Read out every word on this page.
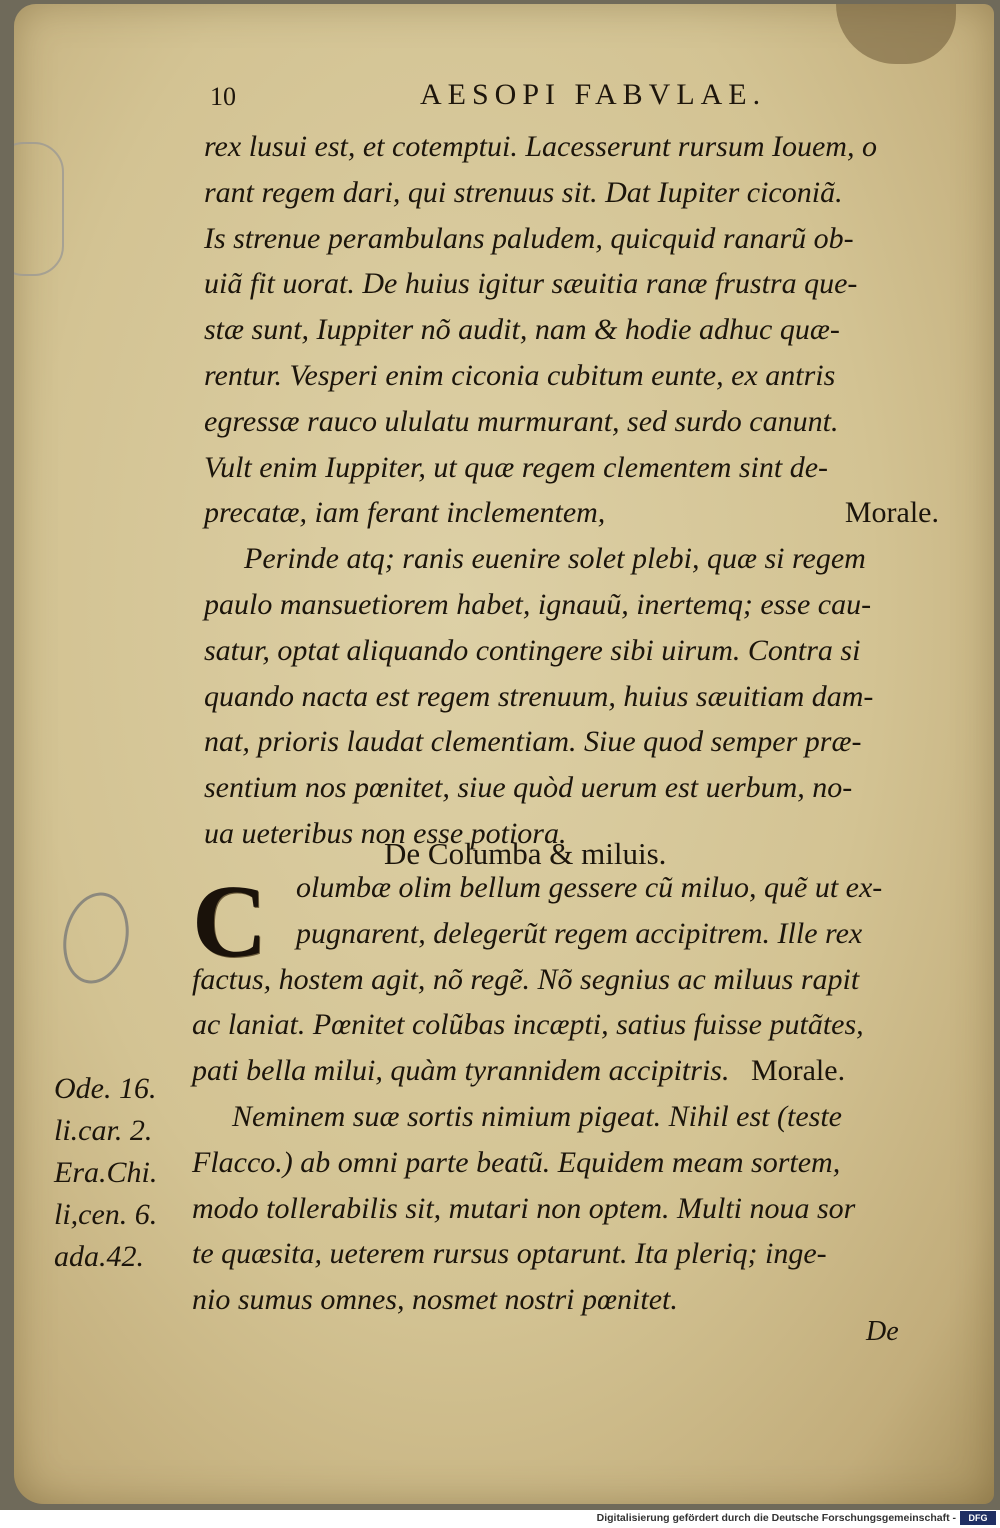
10	AESOPI FABVLAE.
rex lusui est, et cotemptui. Lacesserunt rursum Iouem, o
rant regem dari, qui strenuus sit. Dat Iupiter ciconiã.
Is strenue perambulans paludem, quicquid ranarũ ob-
uiã fit uorat. De huius igitur sæuitia ranæ frustra que-
stæ sunt, Iuppiter nõ audit, nam & hodie adhuc quæ-
rentur. Vesperi enim ciconia cubitum eunte, ex antris
egressæ rauco ululatu murmurant, sed surdo canunt.
Vult enim Iuppiter, ut quæ regem clementem sint de-
precatæ, iam ferant inclementem,	Morale.
Perinde atq; ranis euenire solet plebi, quæ si regem
paulo mansuetiorem habet, ignauũ, inertemq; esse cau-
satur, optat aliquando contingere sibi uirum. Contra si
quando nacta est regem strenuum, huius sæuitiam dam-
nat, prioris laudat clementiam. Siue quod semper præ-
sentium nos pœnitet, siue quòd uerum est uerbum, no-
ua ueteribus non esse potiora.
De Columba & miluis.
C olumbæ olim bellum gessere cũ miluo, quẽ ut ex-
pugnarent, delegerũt regem accipitrem. Ille rex
factus, hostem agit, nõ regẽ. Nõ segnius ac miluus rapit
ac laniat. Pœnitet colũbas incæpti, satius fuisse putãtes,
pati bella milui, quàm tyrannidem accipitris. Morale.
Neminem suæ sortis nimium pigeat. Nihil est (teste
Flacco.) ab omni parte beatũ. Equidem meam sortem,
modo tollerabilis sit, mutari non optem. Multi noua sor
te quæsita, ueterem rursus optarunt. Ita pleriq; inge-
nio sumus omnes, nosmet nostri pœnitet.
Ode. 16.
li.car. 2.
Era.Chi.
li,cen. 6.
ada.42.
De
Digitalisierung gefördert durch die Deutsche Forschungsgemeinschaft -	DFG
